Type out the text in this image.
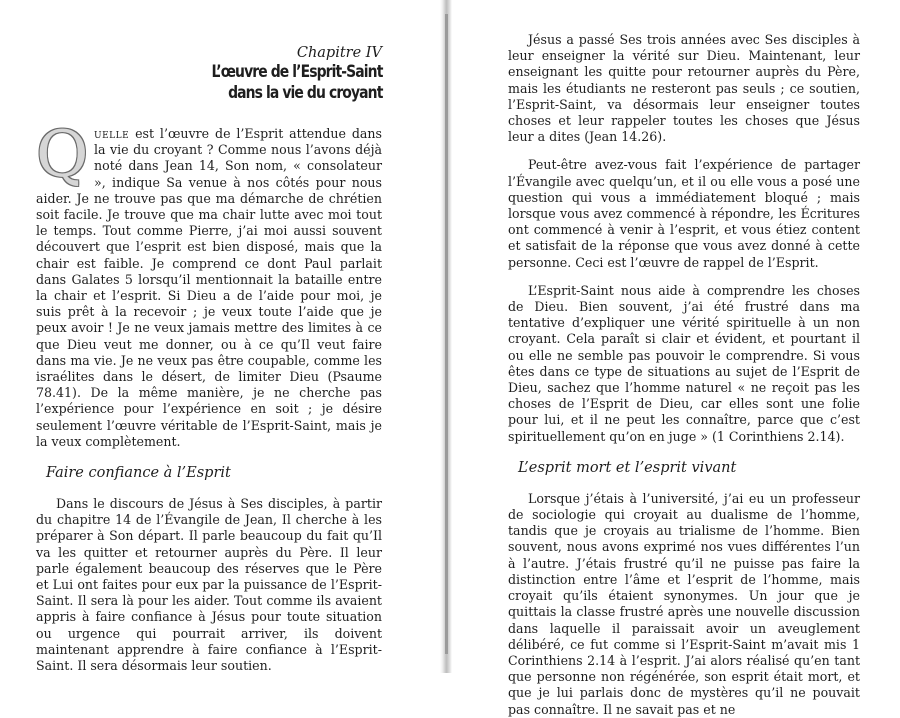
Chapitre IV
L’œuvre de l’Esprit-Saint
dans la vie du croyant

Quelle est l’œuvre de l’Esprit attendue dans la vie du croyant ? Comme nous l’avons déjà noté dans Jean 14, Son nom, « consolateur », indique Sa venue à nos côtés pour nous aider. Je ne trouve pas que ma démarche de chrétien soit facile. Je trouve que ma chair lutte avec moi tout le temps. Tout comme Pierre, j’ai moi aussi souvent découvert que l’esprit est bien disposé, mais que la chair est faible. Je comprend ce dont Paul parlait dans Galates 5 lorsqu’il mentionnait la bataille entre la chair et l’esprit. Si Dieu a de l’aide pour moi, je suis prêt à la recevoir ; je veux toute l’aide que je peux avoir ! Je ne veux jamais mettre des limites à ce que Dieu veut me donner, ou à ce qu’Il veut faire dans ma vie. Je ne veux pas être coupable, comme les israélites dans le désert, de limiter Dieu (Psaume 78.41). De la même manière, je ne cherche pas l’expérience pour l’expérience en soit ; je désire seulement l’œuvre véritable de l’Esprit-Saint, mais je la veux complètement.

Faire confiance à l’Esprit

Dans le discours de Jésus à Ses disciples, à partir du chapitre 14 de l’Évangile de Jean, Il cherche à les préparer à Son départ. Il parle beaucoup du fait qu’Il va les quitter et retourner auprès du Père. Il leur parle également beaucoup des réserves que le Père et Lui ont faites pour eux par la puissance de l’Esprit-Saint. Il sera là pour les aider. Tout comme ils avaient appris à faire confiance à Jésus pour toute situation ou urgence qui pourrait arriver, ils doivent maintenant apprendre à faire confiance à l’Esprit-Saint. Il sera désormais leur soutien.

Jésus a passé Ses trois années avec Ses disciples à leur enseigner la vérité sur Dieu. Maintenant, leur enseignant les quitte pour retourner auprès du Père, mais les étudiants ne resteront pas seuls ; ce soutien, l’Esprit-Saint, va désormais leur enseigner toutes choses et leur rappeler toutes les choses que Jésus leur a dites (Jean 14.26).

Peut-être avez-vous fait l’expérience de partager l’Évangile avec quelqu’un, et il ou elle vous a posé une question qui vous a immédiatement bloqué ; mais lorsque vous avez commencé à répondre, les Écritures ont commencé à venir à l’esprit, et vous étiez content et satisfait de la réponse que vous avez donné à cette personne. Ceci est l’œuvre de rappel de l’Esprit.

L’Esprit-Saint nous aide à comprendre les choses de Dieu. Bien souvent, j’ai été frustré dans ma tentative d’expliquer une vérité spirituelle à un non croyant. Cela paraît si clair et évident, et pourtant il ou elle ne semble pas pouvoir le comprendre. Si vous êtes dans ce type de situations au sujet de l’Esprit de Dieu, sachez que l’homme naturel « ne reçoit pas les choses de l’Esprit de Dieu, car elles sont une folie pour lui, et il ne peut les connaître, parce que c’est spirituellement qu’on en juge » (1 Corinthiens 2.14).

L’esprit mort et l’esprit vivant

Lorsque j’étais à l’université, j’ai eu un professeur de sociologie qui croyait au dualisme de l’homme, tandis que je croyais au trialisme de l’homme. Bien souvent, nous avons exprimé nos vues différentes l’un à l’autre. J’étais frustré qu’il ne puisse pas faire la distinction entre l’âme et l’esprit de l’homme, mais croyait qu’ils étaient synonymes. Un jour que je quittais la classe frustré après une nouvelle discussion dans laquelle il paraissait avoir un aveuglement délibéré, ce fut comme si l’Esprit-Saint m’avait mis 1 Corinthiens 2.14 à l’esprit. J’ai alors réalisé qu’en tant que personne non régénérée, son esprit était mort, et que je lui parlais donc de mystères qu’il ne pouvait pas connaître. Il ne savait pas et ne
